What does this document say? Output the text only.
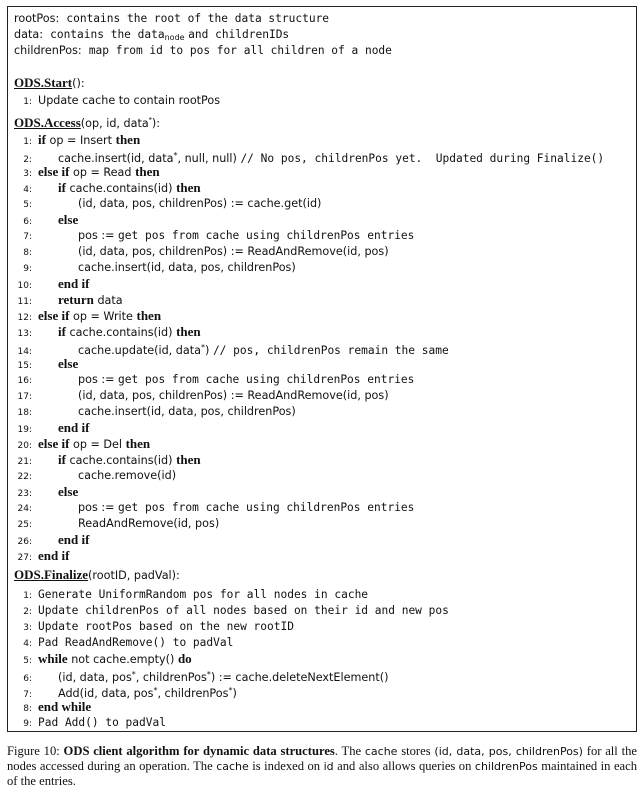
rootPos: contains the root of the data structure
data: contains the data$_{node}$ and childrenIDs
childrenPos: map from id to pos for all children of a node
ODS.Start():
1: Update cache to contain rootPos
ODS.Access(op, id, data*):
1: if op = Insert then
2: cache.insert(id, data*, null, null) // No pos, childrenPos yet.  Updated during Finalize()
3: else if op = Read then
4: if cache.contains(id) then
5:	(id, data, pos, childrenPos) := cache.get(id)
6: else
7:	pos := get pos from cache using childrenPos entries
8:	(id, data, pos, childrenPos) := ReadAndRemove(id, pos)
9:	cache.insert(id, data, pos, childrenPos)
10: end if
11: return data
12: else if op = Write then
13: if cache.contains(id) then
14:	cache.update(id, data*) // pos, childrenPos remain the same
15: else
16:	pos := get pos from cache using childrenPos entries
17:	(id, data, pos, childrenPos) := ReadAndRemove(id, pos)
18:	cache.insert(id, data, pos, childrenPos)
19: end if
20: else if op = Del then
21: if cache.contains(id) then
22:	cache.remove(id)
23: else
24:	pos := get pos from cache using childrenPos entries
25:	ReadAndRemove(id, pos)
26: end if
27: end if
ODS.Finalize(rootID, padVal):
1: Generate UniformRandom pos for all nodes in cache
2: Update childrenPos of all nodes based on their id and new pos
3: Update rootPos based on the new rootID
4: Pad ReadAndRemove() to padVal
5: while not cache.empty() do
6: (id, data, pos*, childrenPos*) := cache.deleteNextElement()
7: Add(id, data, pos*, childrenPos*)
8: end while
9: Pad Add() to padVal
Figure 10: ODS client algorithm for dynamic data structures. The cache stores (id, data, pos, childrenPos) for all the nodes accessed during an operation. The cache is indexed on id and also allows queries on childrenPos maintained in each of the entries.
